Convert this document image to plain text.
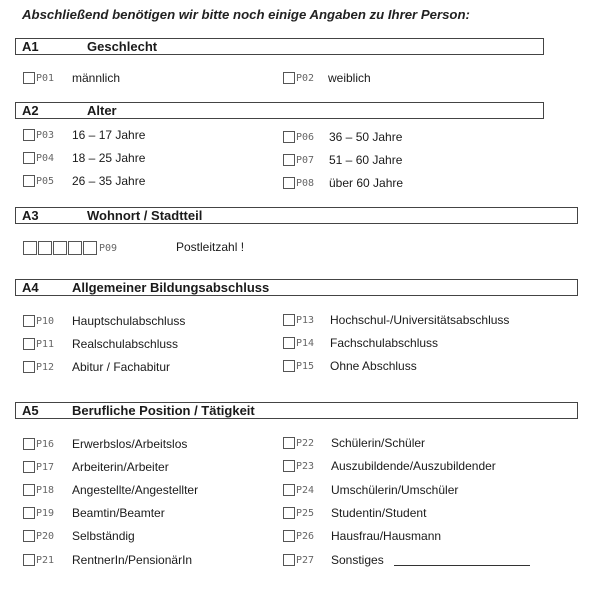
Abschließend benötigen wir bitte noch einige Angaben zu Ihrer Person:
A1	Geschlecht
P01 männlich	P02 weiblich
A2	Alter
P03 16 – 17 Jahre
P04 18 – 25 Jahre
P05 26 – 35 Jahre
P06 36 – 50 Jahre
P07 51 – 60 Jahre
P08 über 60 Jahre
A3	Wohnort / Stadtteil
P09	Postleitzahl !
A4	Allgemeiner Bildungsabschluss
P10 Hauptschulabschluss
P11 Realschulabschluss
P12 Abitur / Fachabitur
P13 Hochschul-/Universitätsabschluss
P14 Fachschulabschluss
P15 Ohne Abschluss
A5	Berufliche Position / Tätigkeit
P16 Erwerbslos/Arbeitslos
P17 Arbeiterin/Arbeiter
P18 Angestellte/Angestellter
P19 Beamtin/Beamter
P20 Selbständig
P21 RentnerIn/PensionärIn
P22 Schülerin/Schüler
P23 Auszubildende/Auszubildender
P24 Umschülerin/Umschüler
P25 Studentin/Student
P26 Hausfrau/Hausmann
P27 Sonstiges
